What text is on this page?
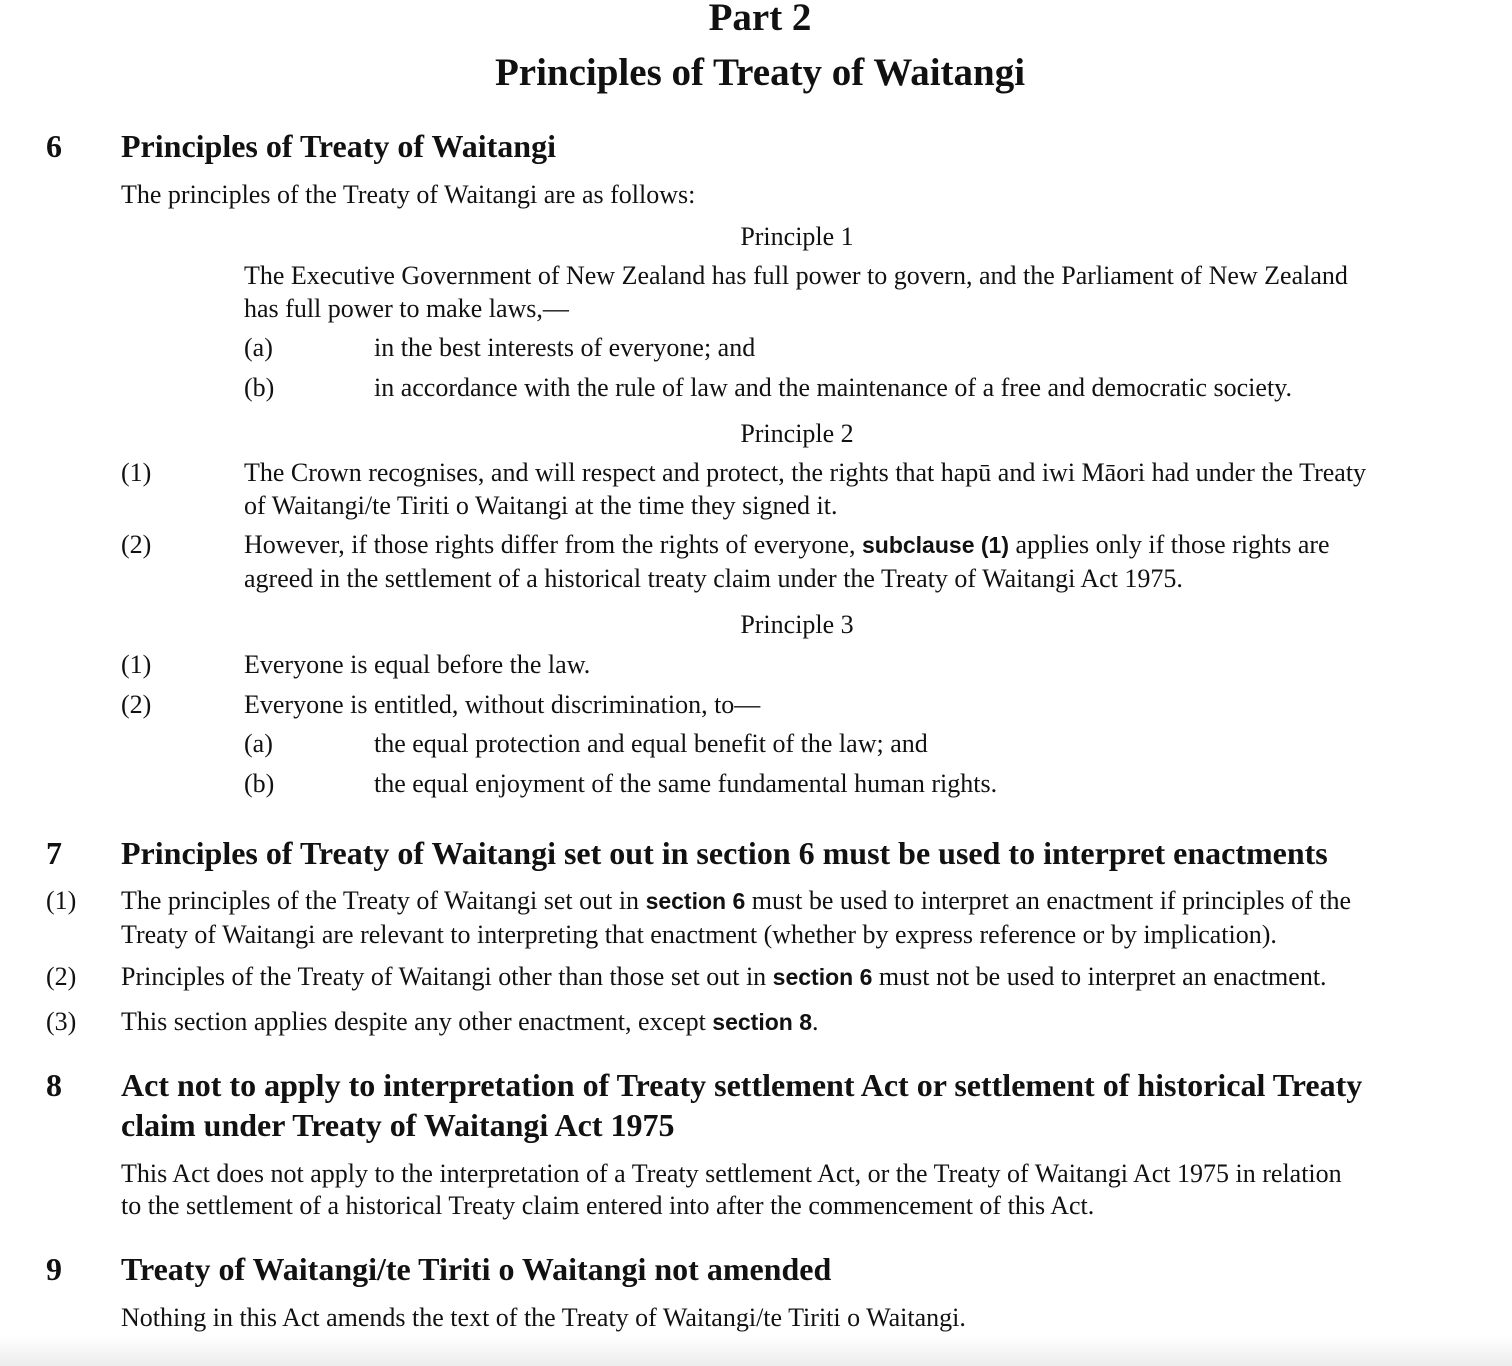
Part 2
Principles of Treaty of Waitangi
6 Principles of Treaty of Waitangi
The principles of the Treaty of Waitangi are as follows:
Principle 1
The Executive Government of New Zealand has full power to govern, and the Parliament of New Zealand
has full power to make laws,—
(a)	in the best interests of everyone; and
(b)	in accordance with the rule of law and the maintenance of a free and democratic society.
Principle 2
(1)	The Crown recognises, and will respect and protect, the rights that hapū and iwi Māori had under the Treaty
of Waitangi/te Tiriti o Waitangi at the time they signed it.
(2)	However, if those rights differ from the rights of everyone, subclause (1) applies only if those rights are
agreed in the settlement of a historical treaty claim under the Treaty of Waitangi Act 1975.
Principle 3
(1)	Everyone is equal before the law.
(2)	Everyone is entitled, without discrimination, to—
(a)	the equal protection and equal benefit of the law; and
(b)	the equal enjoyment of the same fundamental human rights.
7 Principles of Treaty of Waitangi set out in section 6 must be used to interpret enactments
(1) The principles of the Treaty of Waitangi set out in section 6 must be used to interpret an enactment if principles of the
Treaty of Waitangi are relevant to interpreting that enactment (whether by express reference or by implication).
(2) Principles of the Treaty of Waitangi other than those set out in section 6 must not be used to interpret an enactment.
(3) This section applies despite any other enactment, except section 8.
8 Act not to apply to interpretation of Treaty settlement Act or settlement of historical Treaty
claim under Treaty of Waitangi Act 1975
This Act does not apply to the interpretation of a Treaty settlement Act, or the Treaty of Waitangi Act 1975 in relation
to the settlement of a historical Treaty claim entered into after the commencement of this Act.
9 Treaty of Waitangi/te Tiriti o Waitangi not amended
Nothing in this Act amends the text of the Treaty of Waitangi/te Tiriti o Waitangi.
